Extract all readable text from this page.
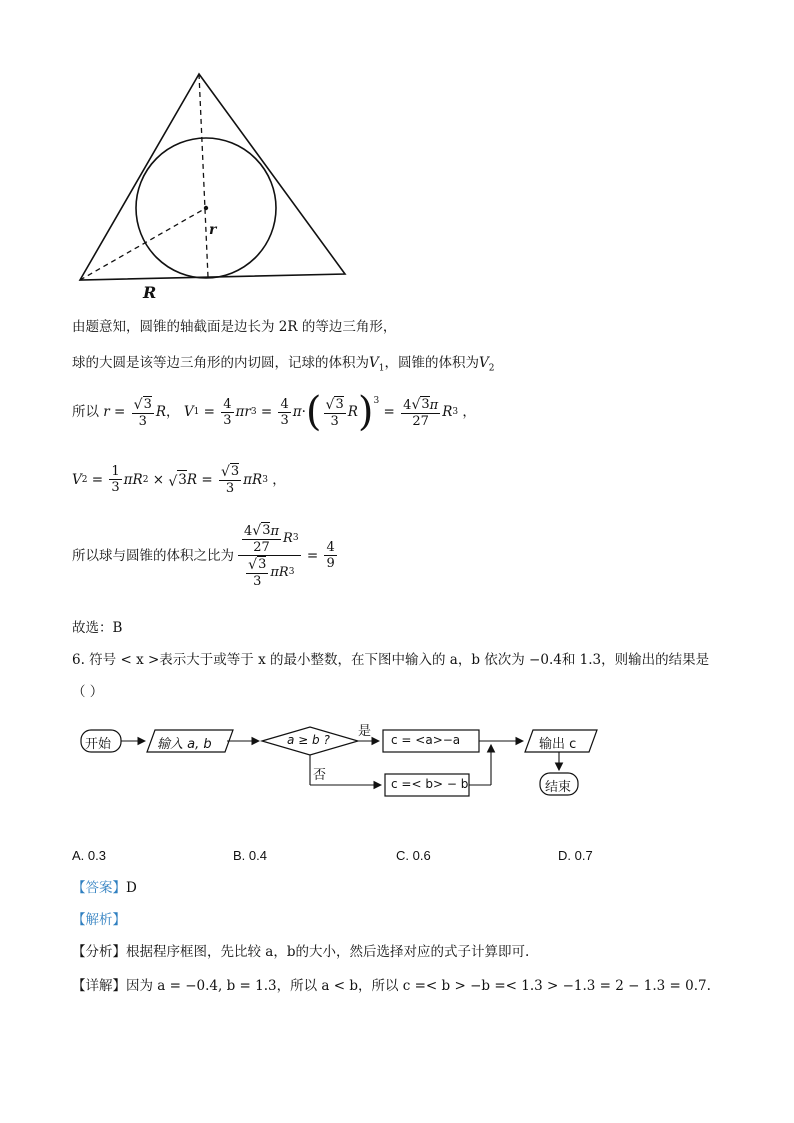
r
R
由题意知，圆锥的轴截面是边长为 2R 的等边三角形，
球的大圆是该等边三角形的内切圆，记球的体积为$V_1$，圆锥的体积为$V_2$
所以 $r = \frac{√ 3}{3}$ R ， V $1 = \frac{4}{3}$ πr $3 = \frac{4}{3}$ π · ( $\frac{√ 3}{3}$ R )$^3$
= $\frac{4 √ 3 \pi}{27}$ R 3 ，
V $2 = \frac{1}{3}$ πR 2 × √ 3 $R = \frac{√ 3}{3}$ πR 3 ，
所以球与圆锥的体积之比为 $\frac{\frac{4 √ 3 \pi}{27} R 3}{\frac{√ 3}{3} \pi R 3} = \frac{4}{9}$
故选：B
6. 符号 < x >表示大于或等于 x 的最小整数，在下图中输入的 a，b 依次为 −0.4和 1.3，则输出的结果是
（ ）
开始	输入 a, b	a ≥ b ?
是
否
c = <a>−a
c =< b> − b
输出 c
结束
A. 0.3	B. 0.4	C. 0.6	D. 0.7
【答案】D
【解析】
【分析】根据程序框图，先比较 a，b的大小，然后选择对应的式子计算即可.
【详解】因为 a = −0.4, b = 1.3，所以 a < b，所以 c =< b > −b =< 1.3 > −1.3 = 2 − 1.3 = 0.7.
